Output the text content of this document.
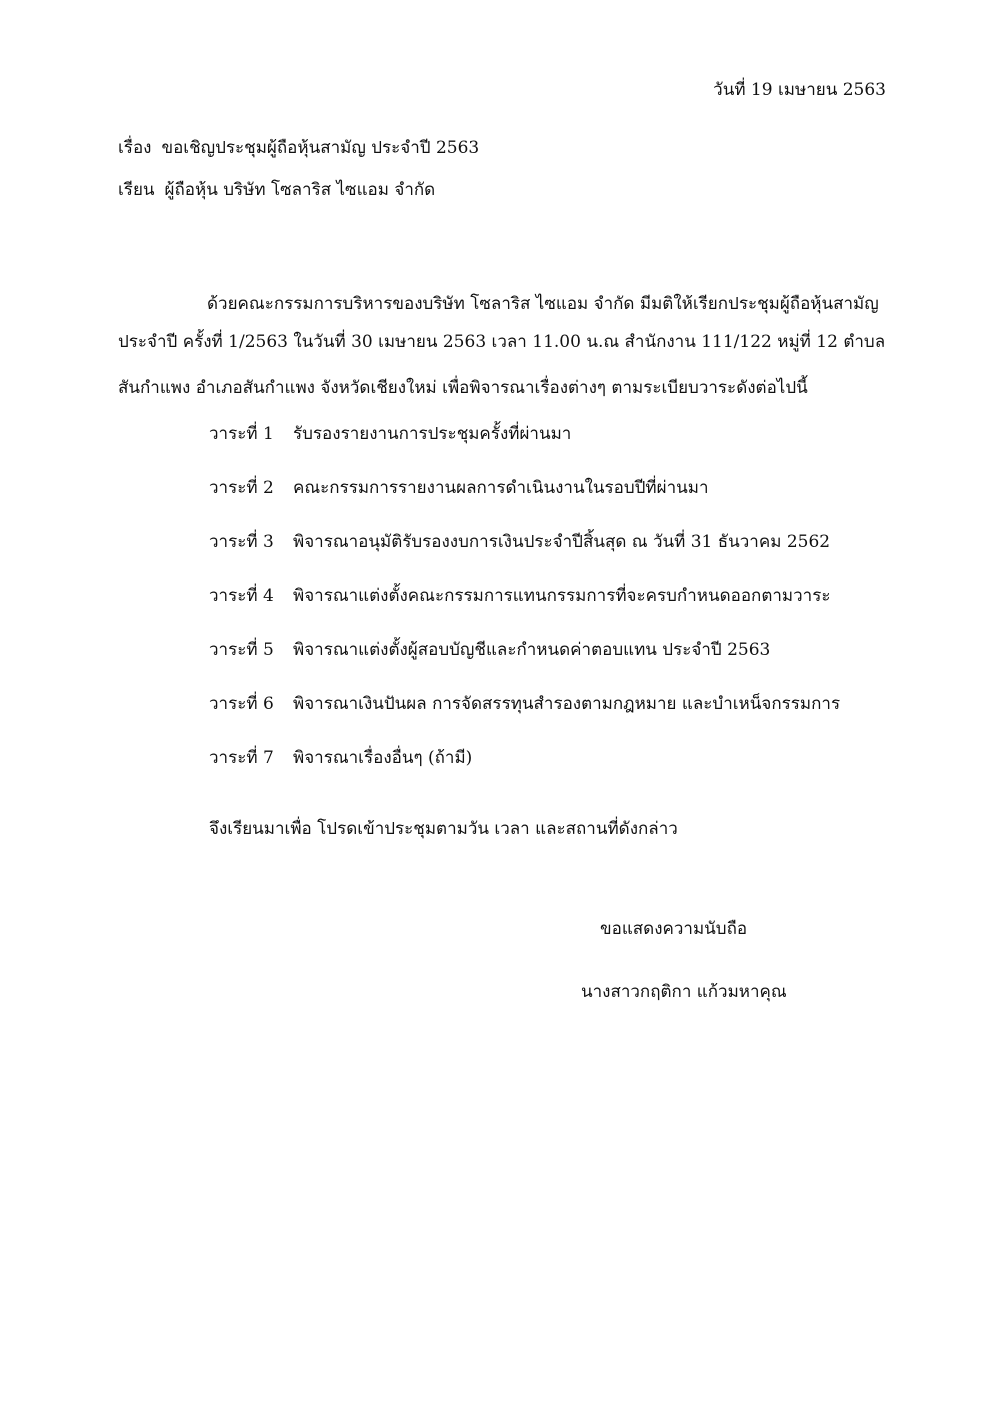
วันที่ 19 เมษายน 2563
เรื่อง ขอเชิญประชุมผู้ถือหุ้นสามัญ ประจำปี 2563
เรียน ผู้ถือหุ้น บริษัท โซลาริส ไซแอม จำกัด
ด้วยคณะกรรมการบริหารของบริษัท โซลาริส ไซแอม จำกัด มีมติให้เรียกประชุมผู้ถือหุ้นสามัญ
ประจำปี ครั้งที่ 1/2563 ในวันที่ 30 เมษายน 2563 เวลา 11.00 น.ณ สำนักงาน 111/122 หมู่ที่ 12 ตำบล
สันกำแพง อำเภอสันกำแพง จังหวัดเชียงใหม่ เพื่อพิจารณาเรื่องต่างๆ ตามระเบียบวาระดังต่อไปนี้
วาระที่ 1 รับรองรายงานการประชุมครั้งที่ผ่านมา
วาระที่ 2 คณะกรรมการรายงานผลการดำเนินงานในรอบปีที่ผ่านมา
วาระที่ 3 พิจารณาอนุมัติรับรองงบการเงินประจำปีสิ้นสุด ณ วันที่ 31 ธันวาคม 2562
วาระที่ 4 พิจารณาแต่งตั้งคณะกรรมการแทนกรรมการที่จะครบกำหนดออกตามวาระ
วาระที่ 5 พิจารณาแต่งตั้งผู้สอบบัญชีและกำหนดค่าตอบแทน ประจำปี 2563
วาระที่ 6 พิจารณาเงินปันผล การจัดสรรทุนสำรองตามกฎหมาย และบำเหน็จกรรมการ
วาระที่ 7 พิจารณาเรื่องอื่นๆ (ถ้ามี)
จึงเรียนมาเพื่อ โปรดเข้าประชุมตามวัน เวลา และสถานที่ดังกล่าว
ขอแสดงความนับถือ
นางสาวกฤติกา แก้วมหาคุณ
